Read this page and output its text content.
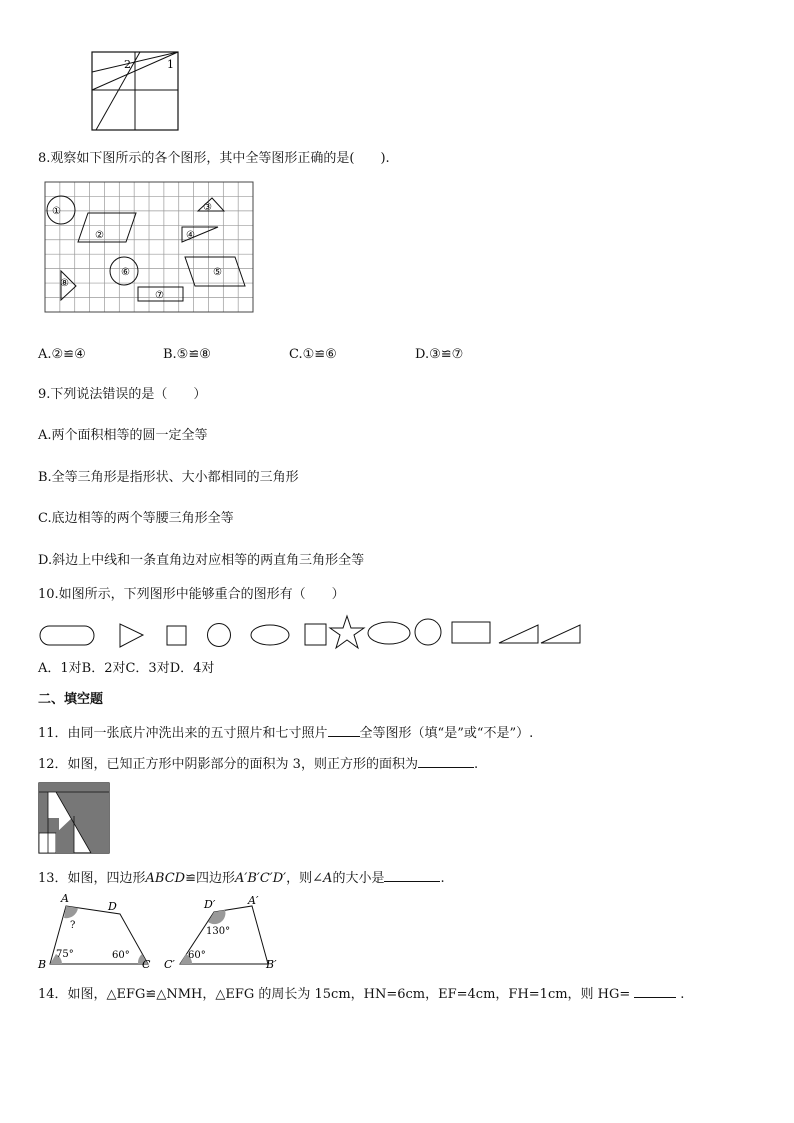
2	1
8.观察如下图所示的各个图形，其中全等图形正确的是(　　).
①
②
③
④
⑤
⑥
⑦
⑧
A.②≌④	B.⑤≌⑧	C.①≌⑥	D.③≌⑦
9.下列说法错误的是（　　）
A.两个面积相等的圆一定全等
B.全等三角形是指形状、大小都相同的三角形
C.底边相等的两个等腰三角形全等
D.斜边上中线和一条直角边对应相等的两直角三角形全等
10.如图所示，下列图形中能够重合的图形有（　　）
A．1对B．2对C．3对D．4对
二、填空题
11．由同一张底片冲洗出来的五寸照片和七寸照片 全等图形（填“是”或“不是”）.
12．如图，已知正方形中阴影部分的面积为 3，则正方形的面积为	.
13．如图，四边形ABCD≌四边形A′B′C′D′，则∠A的大小是	.
A
D
B	C
?
75°	60°
D′	A′
C′	B′
130°
60°
14．如图，△EFG≌△NMH，△EFG 的周长为 15cm，HN=6cm，EF=4cm，FH=1cm，则 HG=	.
